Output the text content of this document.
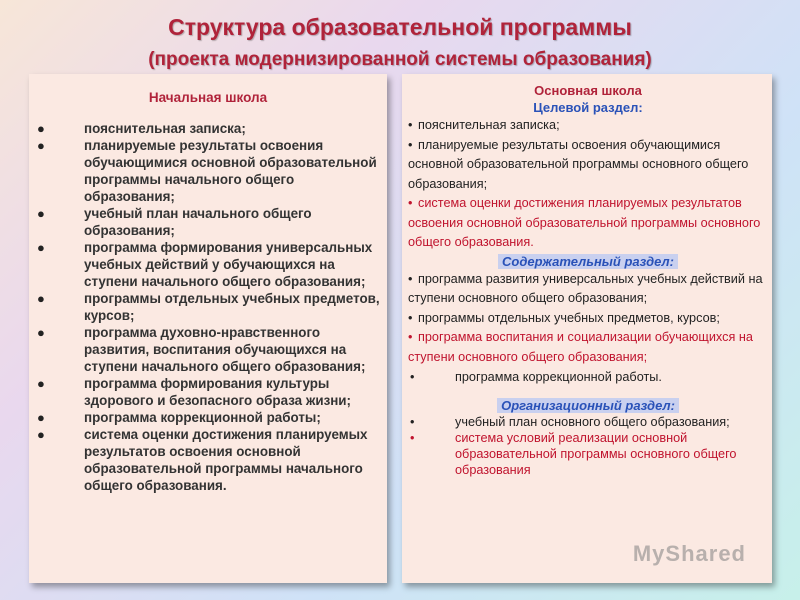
Структура образовательной программы
(проекта модернизированной системы образования)
Начальная школа
●	пояснительная записка;
●	планируемые результаты освоения обучающимися основной образовательной программы начального общего образования;
●	учебный план начального общего образования;
●	программа формирования универсальных учебных действий у обучающихся на ступени начального общего образования;
●	программы отдельных учебных предметов, курсов;
●	программа духовно-нравственного развития, воспитания обучающихся на ступени начального общего образования;
●	программа формирования культуры здорового и безопасного образа жизни;
●	программа коррекционной работы;
●	система оценки достижения планируемых результатов освоения основной образовательной программы начального общего образования.
Основная школа
Целевой раздел:
• пояснительная записка;
• планируемые результаты освоения обучающимися основной образовательной программы основного общего образования;
• система оценки достижения планируемых результатов освоения основной образовательной программы основного общего образования.
Содержательный раздел:
• программа развития универсальных учебных действий на ступени основного общего образования;
• программы отдельных учебных предметов, курсов;
• программа воспитания и социализации обучающихся на ступени основного общего образования;
•	программа коррекционной работы.
Организационный раздел:
•	учебный план основного общего образования;
•	система условий реализации основной образовательной программы основного общего образования
MyShared
